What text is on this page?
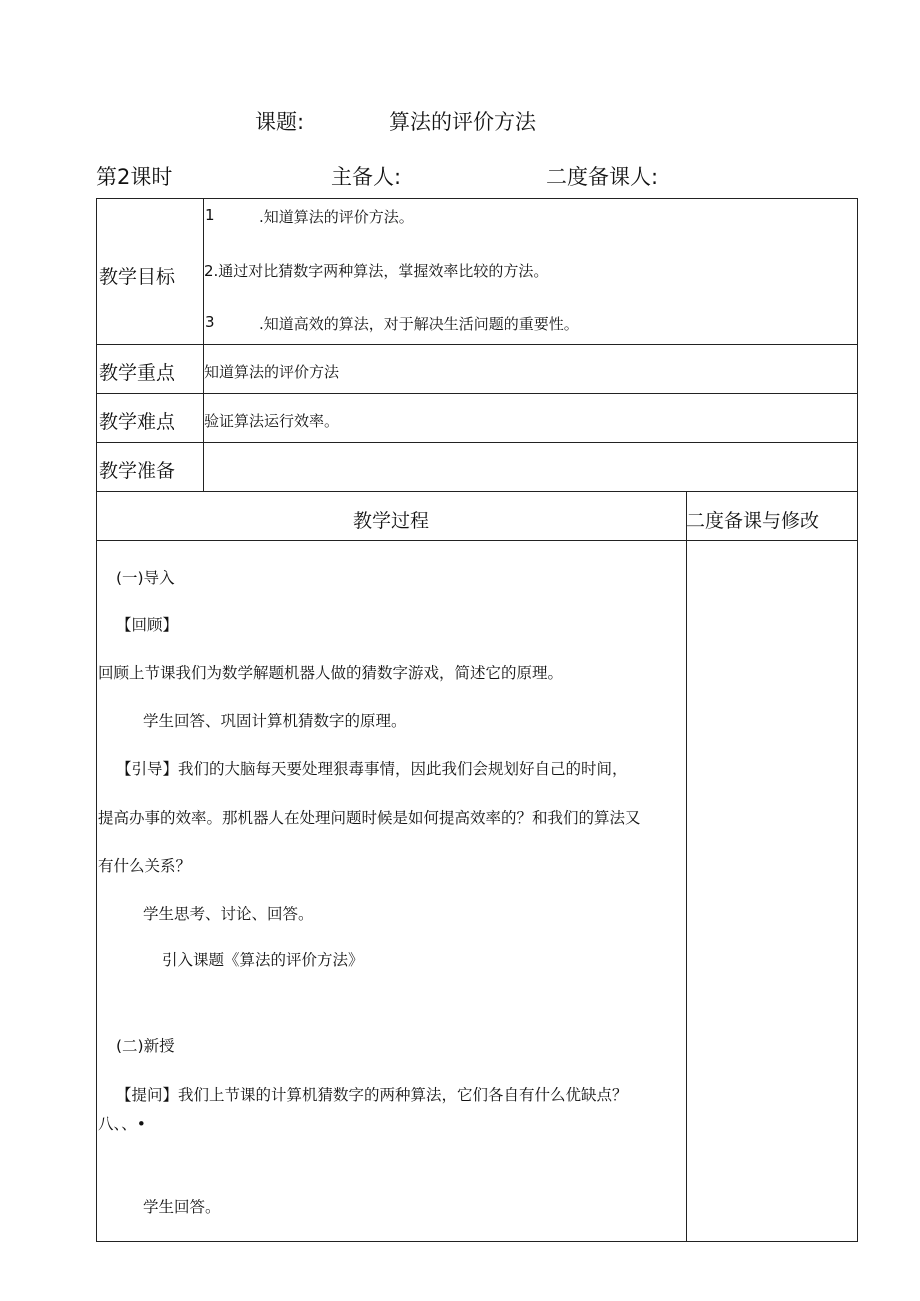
课题:	算法的评价方法
第2课时	主备人:	二度备课人:
教学目标
1	.知道算法的评价方法。
2.通过对比猜数字两种算法，掌握效率比较的方法。
3	.知道高效的算法，对于解决生活问题的重要性。
教学重点 知道算法的评价方法
教学难点 验证算法运行效率。
教学准备
教学过程	二度备课与修改
(一)导入
【回顾】
回顾上节课我们为数学解题机器人做的猜数字游戏，简述它的原理。
学生回答、巩固计算机猜数字的原理。
【引导】我们的大脑每天要处理狠毒事情，因此我们会规划好自己的时间，
提高办事的效率。那机器人在处理问题时候是如何提高效率的？和我们的算法又
有什么关系？
学生思考、讨论、回答。
引入课题《算法的评价方法》
(二)新授
【提问】我们上节课的计算机猜数字的两种算法，它们各自有什么优缺点？
八、、•
学生回答。
